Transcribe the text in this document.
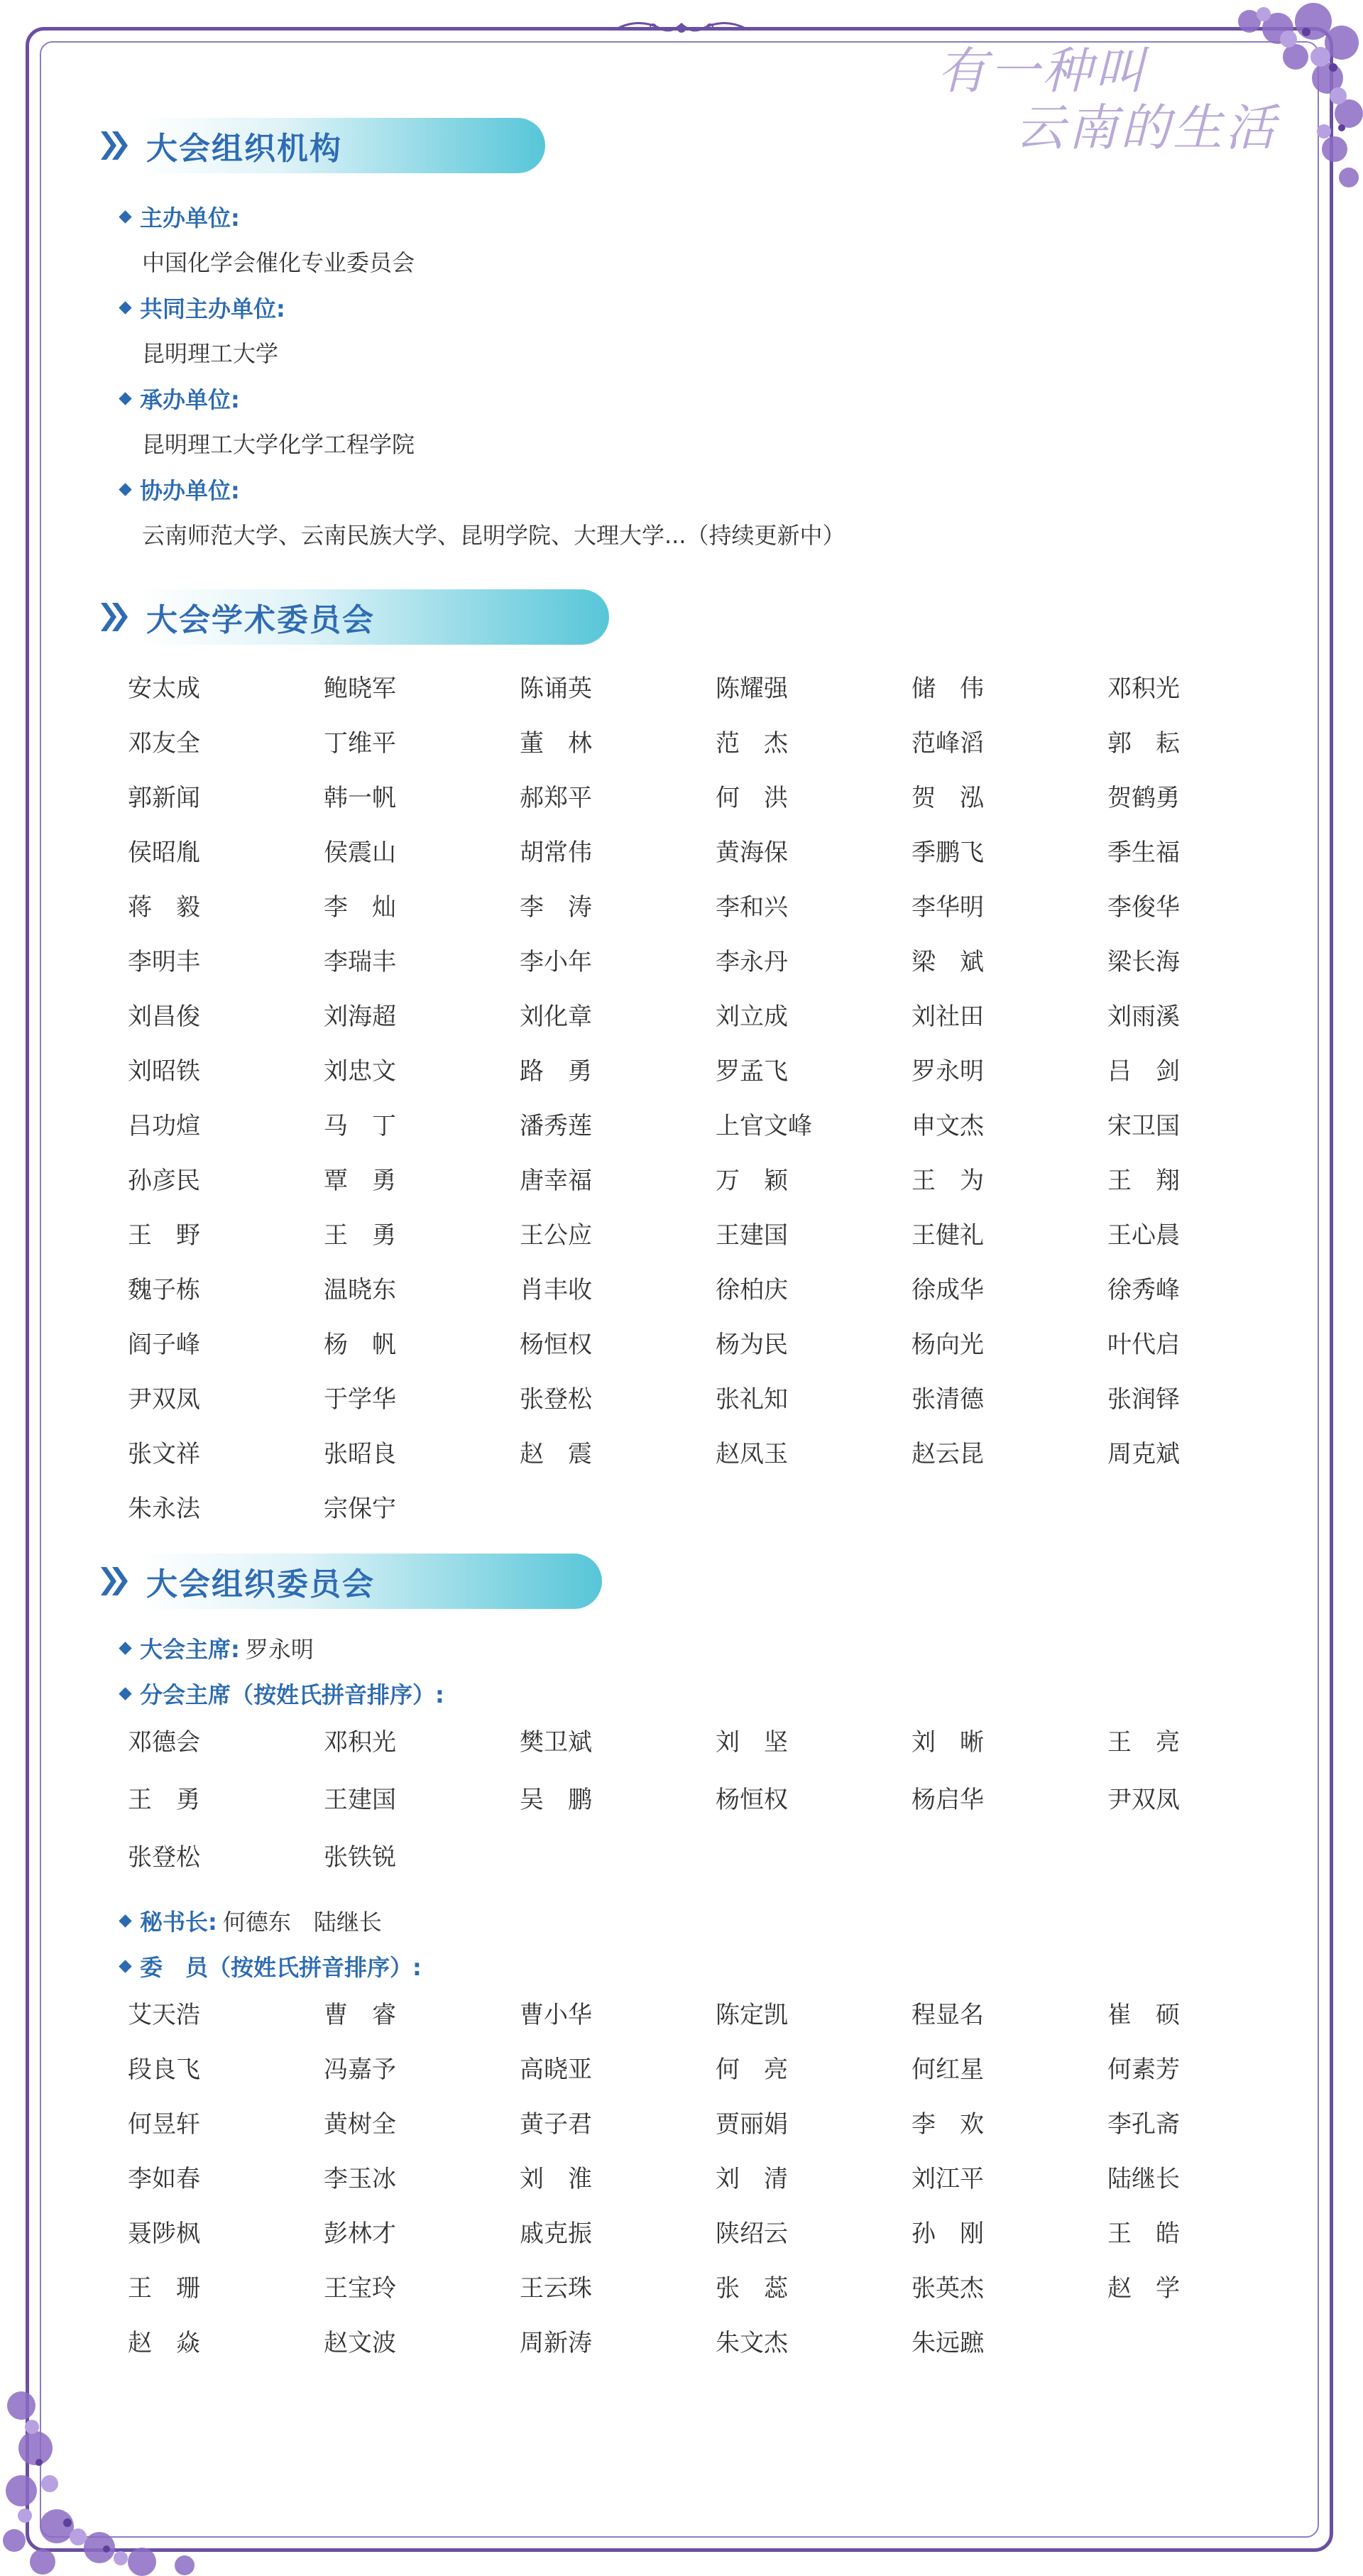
有一种叫
云南的生活
大会组织机构
主办单位:
中国化学会催化专业委员会
共同主办单位:
昆明理工大学
承办单位:
昆明理工大学化学工程学院
协办单位:
云南师范大学、云南民族大学、昆明学院、大理大学...（持续更新中）
大会学术委员会
安太成	鲍晓军	陈诵英	陈耀强	储　伟	邓积光
邓友全	丁维平	董　林	范　杰	范峰滔	郭　耘
郭新闻	韩一帆	郝郑平	何　洪	贺　泓	贺鹤勇
侯昭胤	侯震山	胡常伟	黄海保	季鹏飞	季生福
蒋　毅	李　灿	李　涛	李和兴	李华明	李俊华
李明丰	李瑞丰	李小年	李永丹	梁　斌	梁长海
刘昌俊	刘海超	刘化章	刘立成	刘社田	刘雨溪
刘昭铁	刘忠文	路　勇	罗孟飞	罗永明	吕　剑
吕功煊	马　丁	潘秀莲	上官文峰	申文杰	宋卫国
孙彦民	覃　勇	唐幸福	万　颖	王　为	王　翔
王　野	王　勇	王公应	王建国	王健礼	王心晨
魏子栋	温晓东	肖丰收	徐柏庆	徐成华	徐秀峰
阎子峰	杨　帆	杨恒权	杨为民	杨向光	叶代启
尹双凤	于学华	张登松	张礼知	张清德	张润铎
张文祥	张昭良	赵　震	赵凤玉	赵云昆	周克斌
朱永法	宗保宁
大会组织委员会
大会主席: 罗永明
分会主席（按姓氏拼音排序）:
邓德会	邓积光	樊卫斌	刘　坚	刘　晰	王　亮
王　勇	王建国	吴　鹏	杨恒权	杨启华	尹双凤
张登松	张铁锐
秘书长: 何德东　陆继长
委　员（按姓氏拼音排序）:
艾天浩	曹　睿	曹小华	陈定凯	程显名	崔　硕
段良飞	冯嘉予	高晓亚	何　亮	何红星	何素芳
何昱轩	黄树全	黄子君	贾丽娟	李　欢	李孔斋
李如春	李玉冰	刘　淮	刘　清	刘江平	陆继长
聂陟枫	彭林才	戚克振	陕绍云	孙　刚	王　皓
王　珊	王宝玲	王云珠	张　蕊	张英杰	赵　学
赵　焱	赵文波	周新涛	朱文杰	朱远蹠
